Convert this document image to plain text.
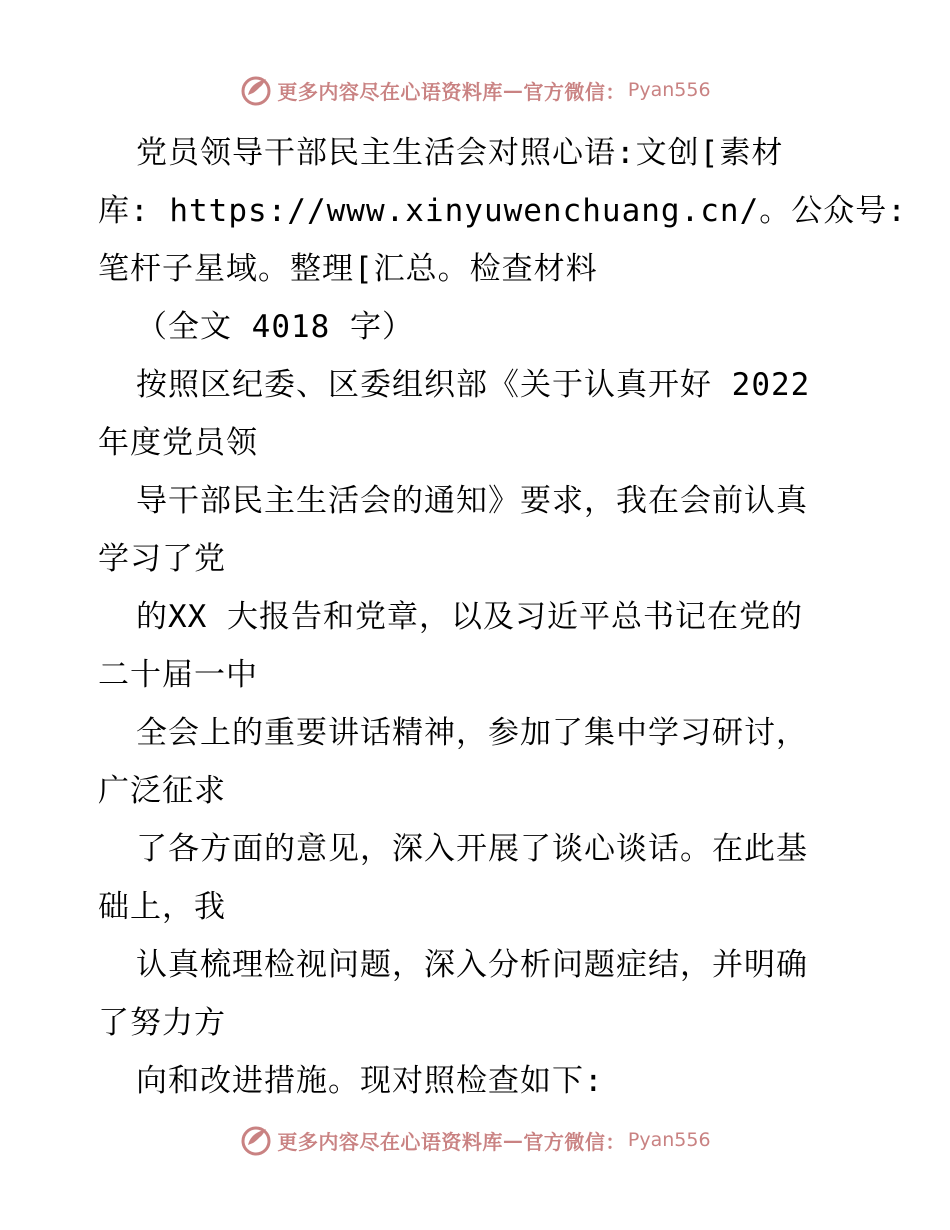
更多内容尽在心语资料库 — 官方微信： Pyan556
党员领导干部民主生活会对照心语:文创[素材
库: https://www.xinyuwenchuang.cn/。公众号:
笔杆子星域。整理[汇总。检查材料
（全文 4018 字）
按照区纪委、区委组织部《关于认真开好 2022
年度党员领
导干部民主生活会的通知》要求，我在会前认真
学习了党
的XX 大报告和党章，以及习近平总书记在党的
二十届一中
全会上的重要讲话精神，参加了集中学习研讨，
广泛征求
了各方面的意见，深入开展了谈心谈话。在此基
础上，我
认真梳理检视问题，深入分析问题症结，并明确
了努力方
向和改进措施。现对照检查如下:
更多内容尽在心语资料库 — 官方微信： Pyan556
